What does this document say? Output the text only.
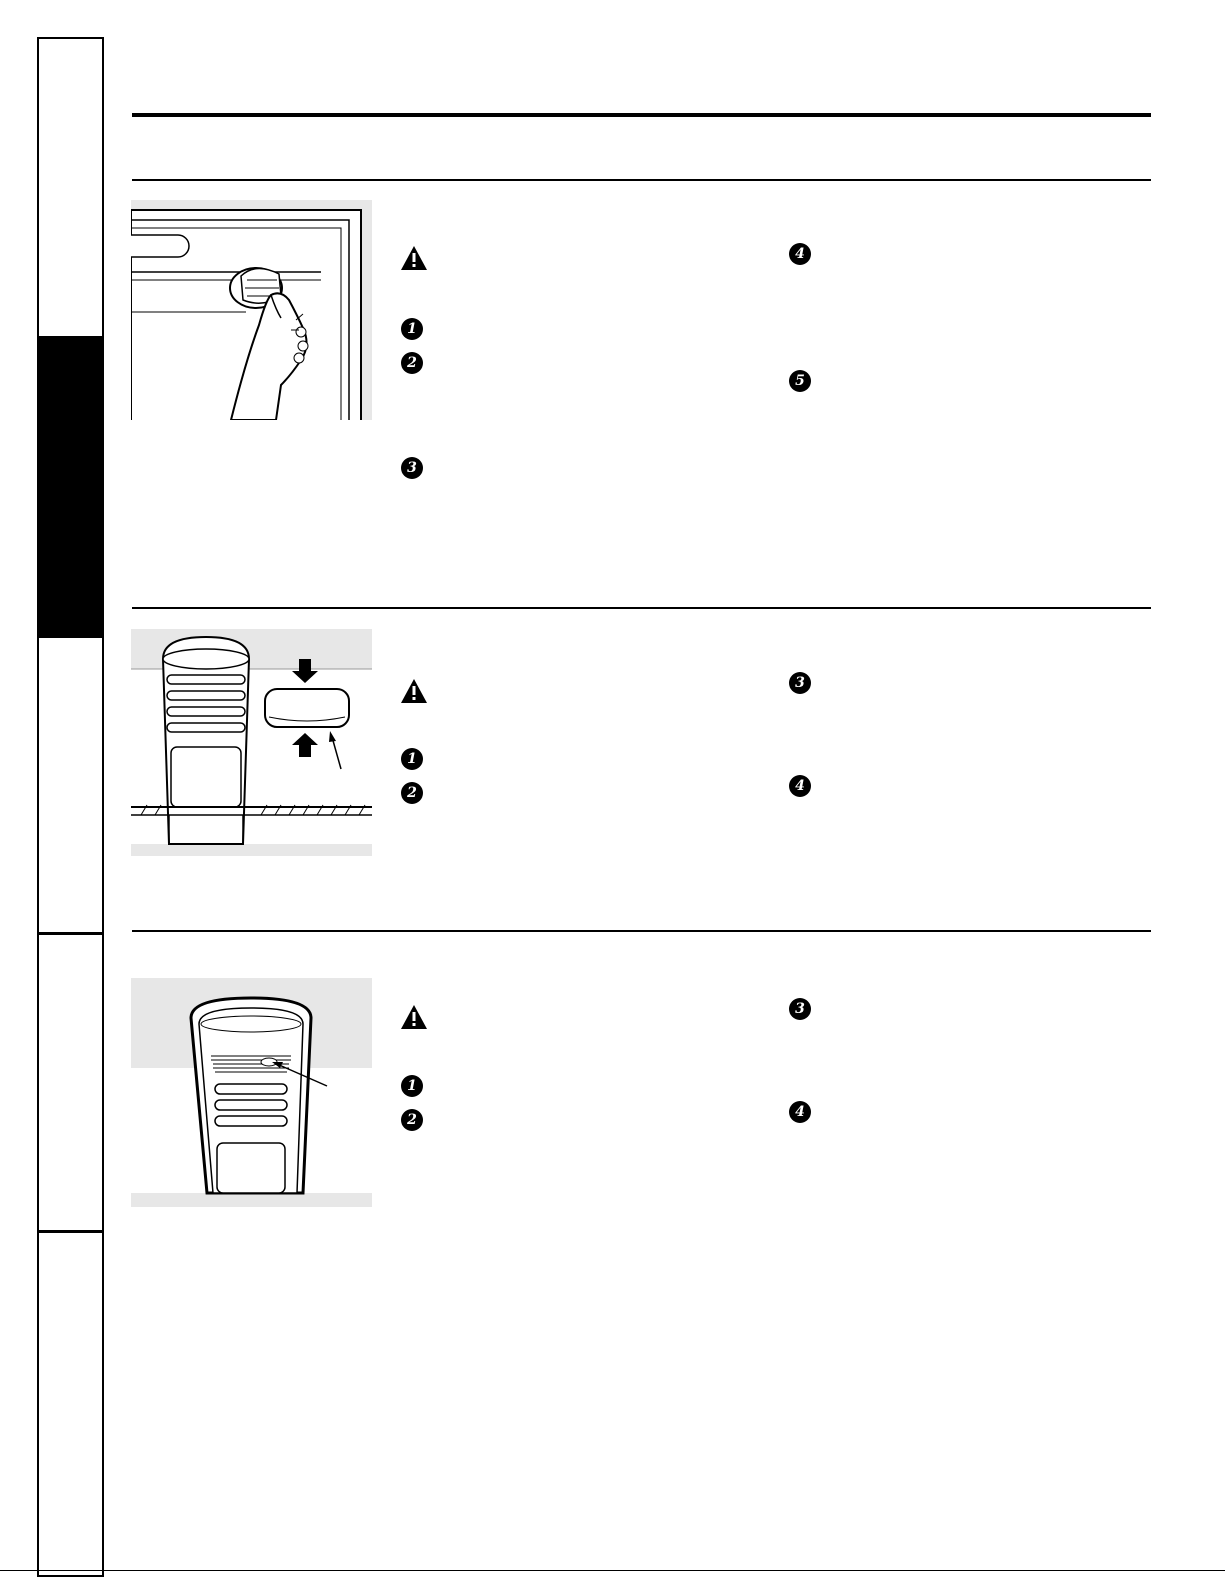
1
2
3
4
5
1
2
3
4
1
2
3
4
